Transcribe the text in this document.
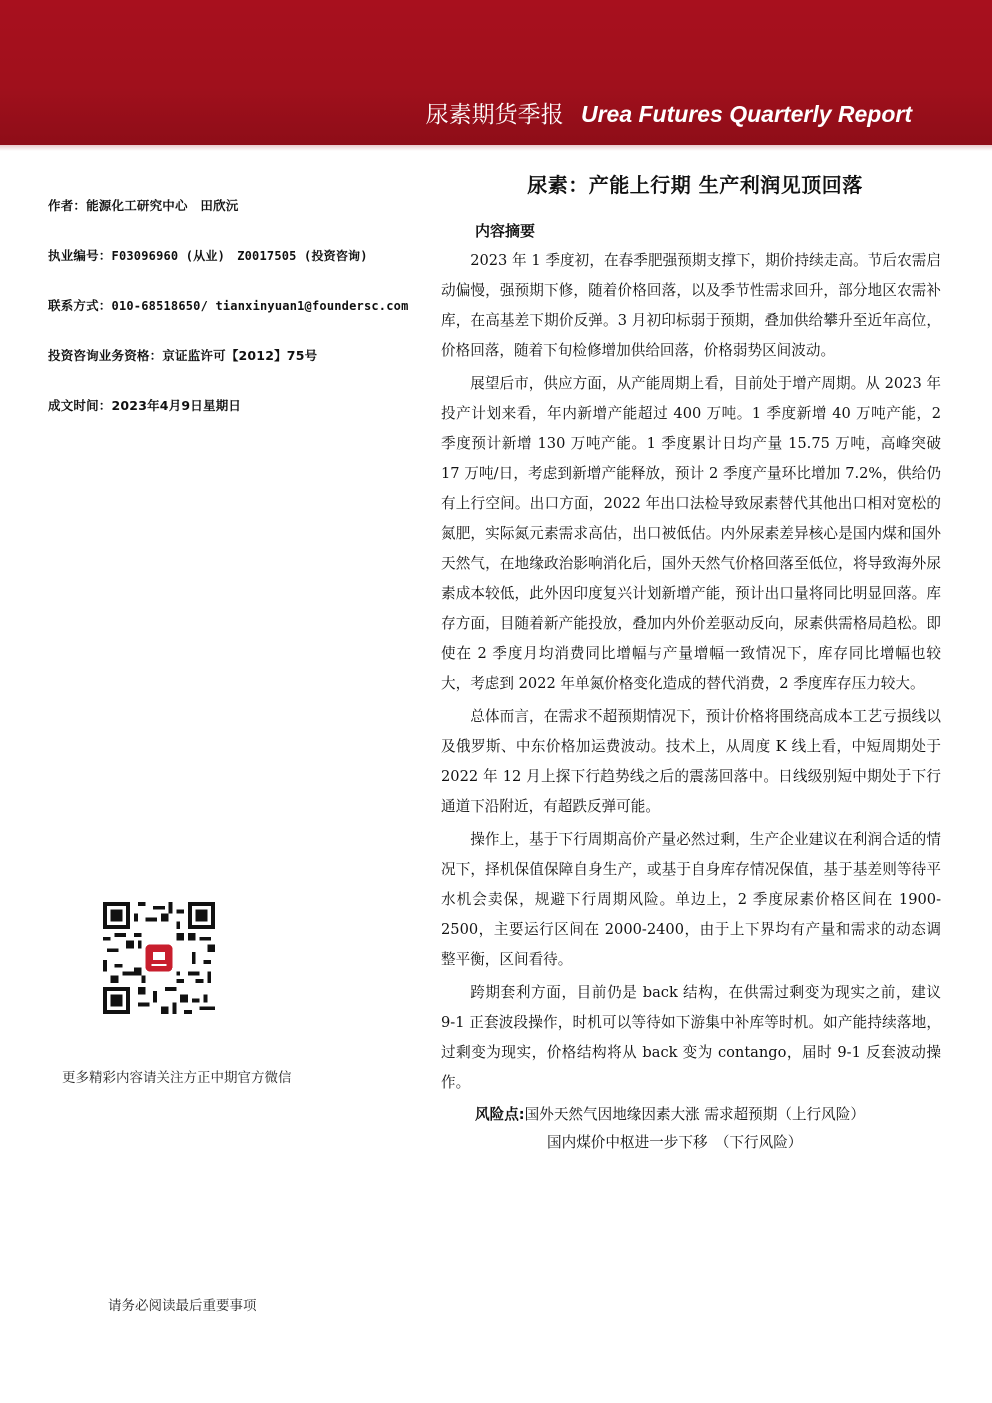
尿素期货季报 Urea Futures Quarterly Report
作者：能源化工研究中心　田欣沅
执业编号：F03096960 (从业)　Z0017505 (投资咨询)
联系方式：010-68518650/ tianxinyuan1@foundersc.com
投资咨询业务资格：京证监许可【2012】75号
成文时间：2023年4月9日星期日
更多精彩内容请关注方正中期官方微信
请务必阅读最后重要事项
尿素：产能上行期 生产利润见顶回落
内容摘要

2023 年 1 季度初，在春季肥强预期支撑下，期价持续走高。节后农需启动偏慢，强预期下修，随着价格回落，以及季节性需求回升，部分地区农需补库，在高基差下期价反弹。3 月初印标弱于预期，叠加供给攀升至近年高位，价格回落，随着下旬检修增加供给回落，价格弱势区间波动。

展望后市，供应方面，从产能周期上看，目前处于增产周期。从 2023 年投产计划来看，年内新增产能超过 400 万吨。1 季度新增 40 万吨产能，2 季度预计新增 130 万吨产能。1 季度累计日均产量 15.75 万吨，高峰突破 17 万吨/日，考虑到新增产能释放，预计 2 季度产量环比增加 7.2%，供给仍有上行空间。出口方面，2022 年出口法检导致尿素替代其他出口相对宽松的氮肥，实际氮元素需求高估，出口被低估。内外尿素差异核心是国内煤和国外天然气，在地缘政治影响消化后，国外天然气价格回落至低位，将导致海外尿素成本较低，此外因印度复兴计划新增产能，预计出口量将同比明显回落。库存方面，目随着新产能投放，叠加内外价差驱动反向，尿素供需格局趋松。即使在 2 季度月均消费同比增幅与产量增幅一致情况下，库存同比增幅也较大，考虑到 2022 年单氮价格变化造成的替代消费，2 季度库存压力较大。

总体而言，在需求不超预期情况下，预计价格将围绕高成本工艺亏损线以及俄罗斯、中东价格加运费波动。技术上，从周度 K 线上看，中短周期处于 2022 年 12 月上探下行趋势线之后的震荡回落中。日线级别短中期处于下行通道下沿附近，有超跌反弹可能。

操作上，基于下行周期高价产量必然过剩，生产企业建议在利润合适的情况下，择机保值保障自身生产，或基于自身库存情况保值，基于基差则等待平水机会卖保，规避下行周期风险。单边上，2 季度尿素价格区间在 1900-2500，主要运行区间在 2000-2400，由于上下界均有产量和需求的动态调整平衡，区间看待。

跨期套利方面，目前仍是 back 结构，在供需过剩变为现实之前，建议 9-1 正套波段操作，时机可以等待如下游集中补库等时机。如产能持续落地，过剩变为现实，价格结构将从 back 变为 contango，届时 9-1 反套波动操作。

风险点:国外天然气因地缘因素大涨 需求超预期（上行风险）
国内煤价中枢进一步下移　（下行风险）
